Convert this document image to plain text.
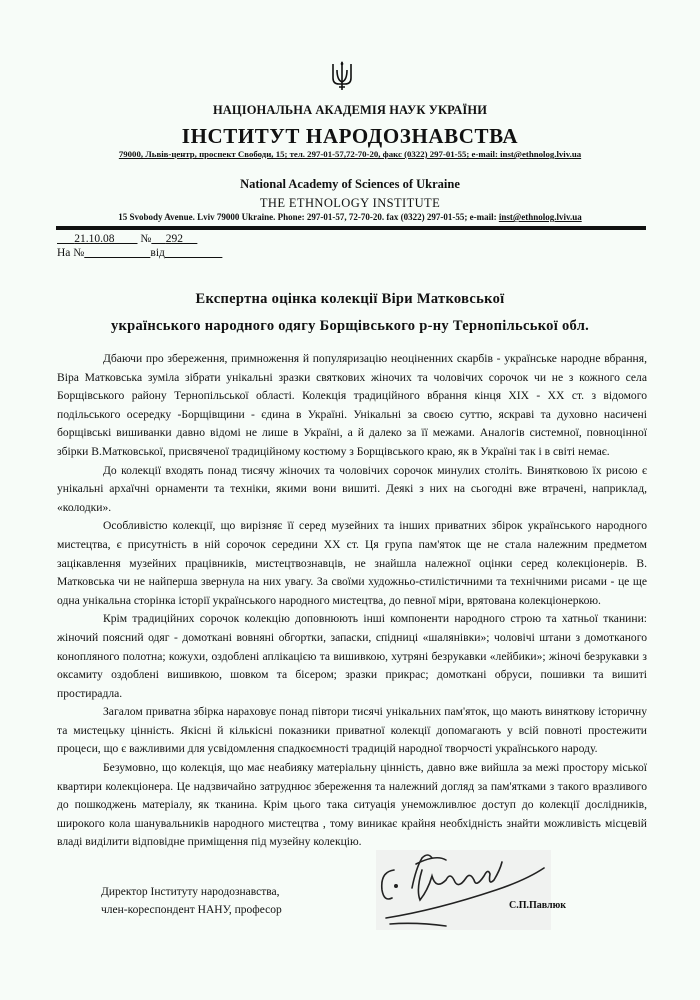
НАЦІОНАЛЬНА АКАДЕМІЯ НАУК УКРАЇНИ
ІНСТИТУТ НАРОДОЗНАВСТВА
79000, Львів-центр, проспект Свободи, 15; тел. 297-01-57,72-70-20, факс (0322) 297-01-55; e-mail: inst@ethnolog.lviv.ua
National Academy of Sciences of Ukraine
THE ETHNOLOGY INSTITUTE
15 Svobody Avenue. Lviv 79000 Ukraine. Phone: 297-01-57, 72-70-20. fax (0322) 297-01-55; e-mail: inst@ethnolog.lviv.ua
21.10.08 № 292
На №	від
Експертна оцінка колекції Віри Матковської
українського народного одягу Борщівського р-ну Тернопільської обл.

Дбаючи про збереження, примноження й популяризацію неоціненних скарбів - українське народне вбрання, Віра Матковська зуміла зібрати унікальні зразки святкових жіночих та чоловічих сорочок чи не з кожного села Борщівського району Тернопільської області. Колекція традиційного вбрання кінця XIX - XX ст. з відомого подільського осередку -Борщівщини - єдина в Україні. Унікальні за своєю суттю, яскраві та духовно насичені борщівські вишиванки давно відомі не лише в Україні, а й далеко за її межами. Аналогів системної, повноцінної збірки В.Матковської, присвяченої традиційному костюму з Борщівського краю, як в Україні так і в світі немає.

До колекції входять понад тисячу жіночих та чоловічих сорочок минулих століть. Винятковою їх рисою є унікальні архаїчні орнаменти та техніки, якими вони вишиті. Деякі з них на сьогодні вже втрачені, наприклад, «колодки».

Особливістю колекції, що вирізняє її серед музейних та інших приватних збірок українського народного мистецтва, є присутність в ній сорочок середини XX ст. Ця група пам'яток ще не стала належним предметом зацікавлення музейних працівників, мистецтвознавців, не знайшла належної оцінки серед колекціонерів. В. Матковська чи не найперша звернула на них увагу. За своїми художньо-стилістичними та технічними рисами - це ще одна унікальна сторінка історії українського народного мистецтва, до певної міри, врятована колекціонеркою.

Крім традиційних сорочок колекцію доповнюють інші компоненти народного строю та хатньої тканини: жіночий поясний одяг - домоткані вовняні обгортки, запаски, спідниці «шалянівки»; чоловічі штани з домотканого конопляного полотна; кожухи, оздоблені аплікацією та вишивкою, хутряні безрукавки «лейбики»; жіночі безрукавки з оксамиту оздоблені вишивкою, шовком та бісером; зразки прикрас; домоткані обруси, пошивки та вишиті простирадла.

Загалом приватна збірка нараховує понад півтори тисячі унікальних пам'яток, що мають виняткову історичну та мистецьку цінність. Якісні й кількісні показники приватної колекції допомагають у всій повноті простежити процеси, що є важливими для усвідомлення спадкоємності традицій народної творчості українського народу.

Безумовно, що колекція, що має неабияку матеріальну цінність, давно вже вийшла за межі простору міської квартири колекціонера. Це надзвичайно затруднює збереження та належний догляд за пам'ятками з такого вразливого до пошкоджень матеріалу, як тканина. Крім цього така ситуація унеможливлює доступ до колекції дослідників, широкого кола шанувальників народного мистецтва , тому виникає крайня необхідність знайти можливість місцевій владі виділити відповідне приміщення під музейну колекцію.

Директор Інституту народознавства,
член-кореспондент НАНУ, професор	С.П.Павлюк
